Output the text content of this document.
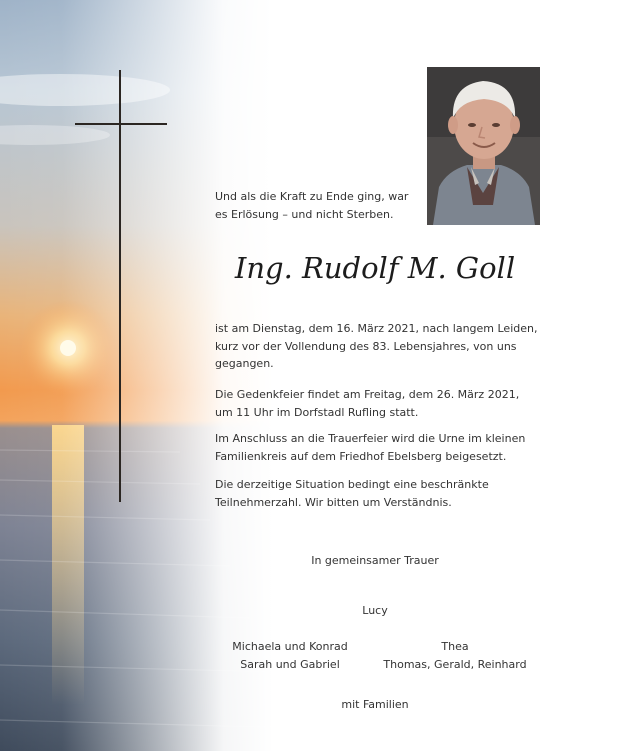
Und als die Kraft zu Ende ging, war
es Erlösung – und nicht Sterben.

Ing. Rudolf M. Goll

ist am Dienstag, dem 16. März 2021, nach langem Leiden,
kurz vor der Vollendung des 83. Lebensjahres, von uns
gegangen.

Die Gedenkfeier findet am Freitag, dem 26. März 2021,
um 11 Uhr im Dorfstadl Rufling statt.

Im Anschluss an die Trauerfeier wird die Urne im kleinen
Familienkreis auf dem Friedhof Ebelsberg beigesetzt.

Die derzeitige Situation bedingt eine beschränkte
Teilnehmerzahl. Wir bitten um Verständnis.

In gemeinsamer Trauer
Lucy
Michaela und Konrad
Sarah und Gabriel
Thea
Thomas, Gerald, Reinhard
mit Familien
